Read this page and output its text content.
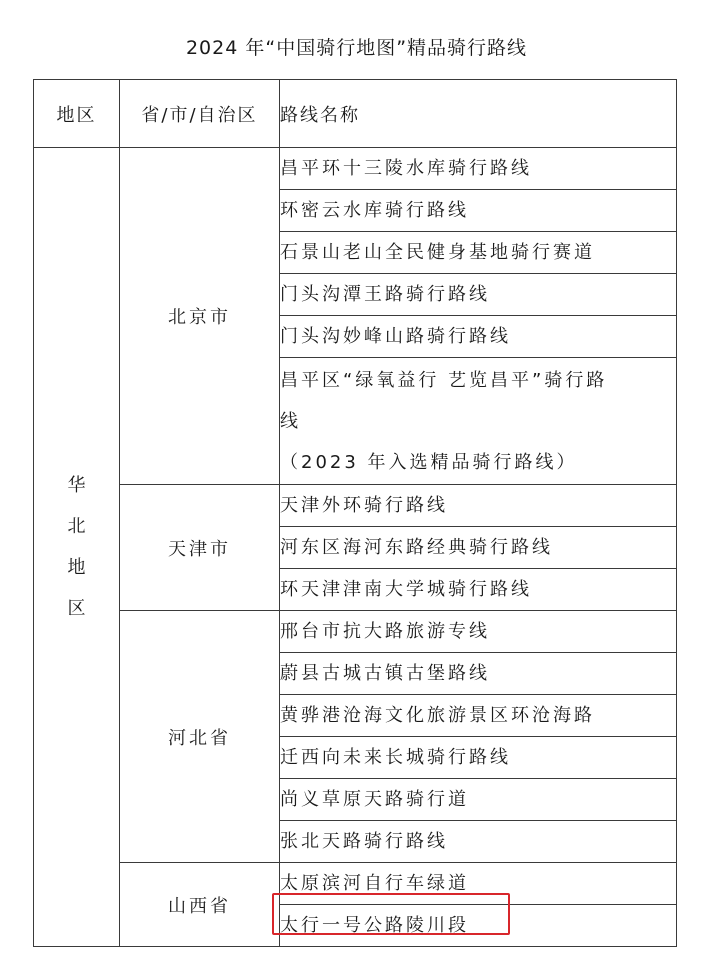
2024 年“中国骑行地图”精品骑行路线
地区	省/市/自治区	路线名称
华北地区	北京市	昌平环十三陵水库骑行路线
		环密云水库骑行路线
		石景山老山全民健身基地骑行赛道
		门头沟潭王路骑行路线
		门头沟妙峰山路骑行路线

		昌平区“绿氧益行 艺览昌平”骑行路
线
（2023 年入选精品骑行路线）

	天津市	天津外环骑行路线
		河东区海河东路经典骑行路线
		环天津津南大学城骑行路线
	河北省	邢台市抗大路旅游专线
		蔚县古城古镇古堡路线
		黄骅港沧海文化旅游景区环沧海路
		迁西向未来长城骑行路线
		尚义草原天路骑行道
		张北天路骑行路线
	山西省	太原滨河自行车绿道
		太行一号公路陵川段
